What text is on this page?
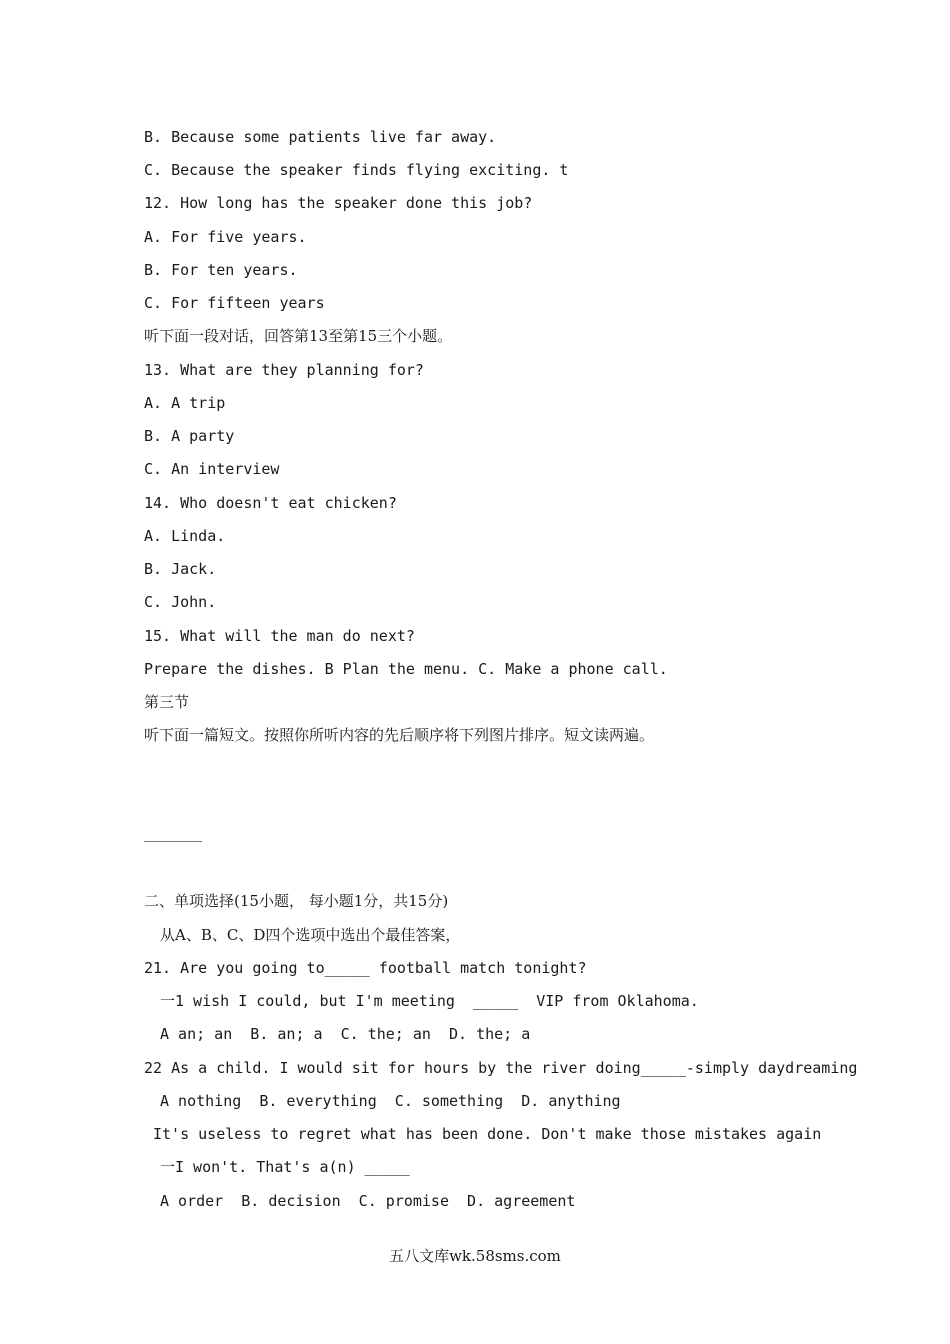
B. Because some patients live far away.
C. Because the speaker finds flying exciting. t
12. How long has the speaker done this job?
A. For five years.
B. For ten years.
C. For fifteen years
听下面一段对话，回答第13至第15三个小题。
13. What are they planning for?
A. A trip
B. A party
C. An interview
14. Who doesn't eat chicken?
A. Linda.
B. Jack.
C. John.
15. What will the man do next?
Prepare the dishes. B Plan the menu. C. Make a phone call.
第三节
听下面一篇短文。按照你所听内容的先后顺序将下列图片排序。短文读两遍。
二、单项选择(15小题， 每小题1分，共15分)
从A、B、C、D四个选项中选出个最佳答案，
21. Are you going to_____ football match tonight?
一1 wish I could, but I'm meeting  _____  VIP from Oklahoma.
A an; an  B. an; a  C. the; an  D. the; a
22 As a child. I would sit for hours by the river doing_____-simply daydreaming
A nothing  B. everything  C. something  D. anything
It's useless to regret what has been done. Don't make those mistakes again
一I won't. That's a(n) _____
A order  B. decision  C. promise  D. agreement
五八文库wk.58sms.com
